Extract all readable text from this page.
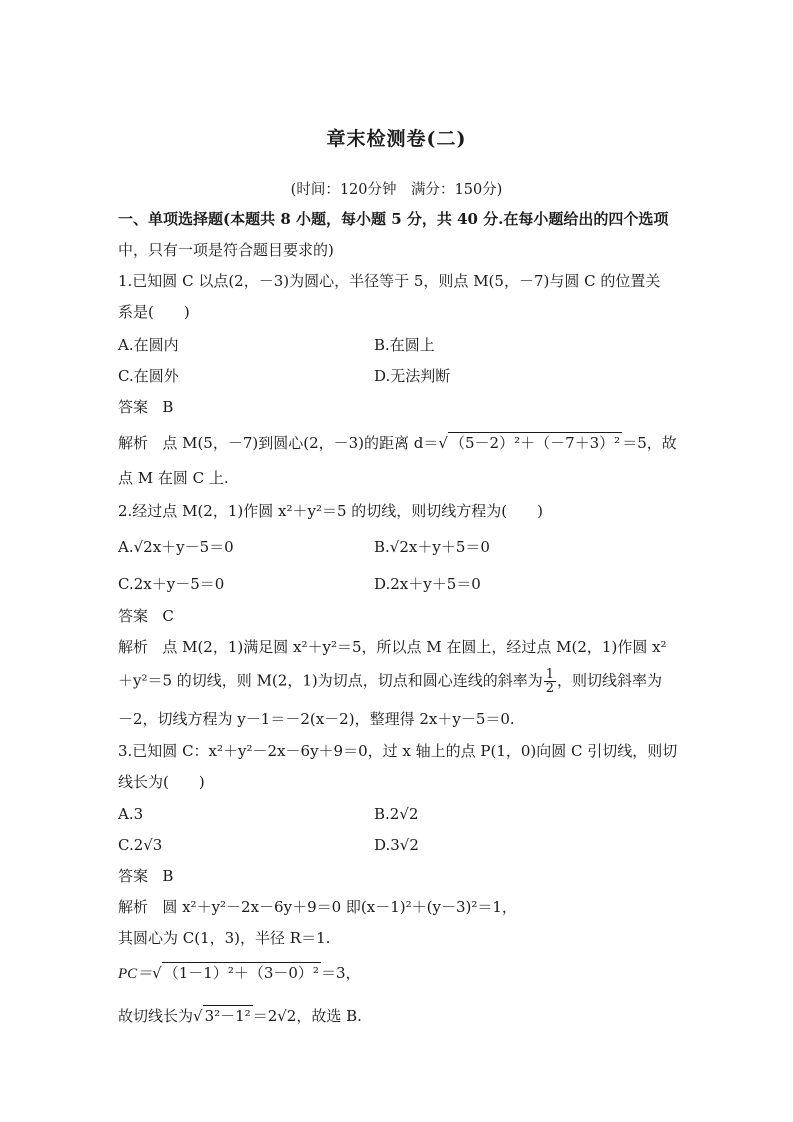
章末检测卷(二)
(时间：120分钟　满分：150分)
一、单项选择题(本题共 8 小题，每小题 5 分，共 40 分.在每小题给出的四个选项
中，只有一项是符合题目要求的)
1.已知圆 C 以点(2，－3)为圆心，半径等于 5，则点 M(5，－7)与圆 C 的位置关
系是(　　)
A.在圆内	B.在圆上
C.在圆外	D.无法判断
答案 B
解析 点 M(5，－7)到圆心(2，－3)的距离 d＝√ （5－2）²＋（－7＋3）² ＝5，故
点 M 在圆 C 上.
2.经过点 M(2，1)作圆 x²＋y²＝5 的切线，则切线方程为(　　)
A.√2x＋y－5＝0	B.√2x＋y＋5＝0
C.2x＋y－5＝0	D.2x＋y＋5＝0
答案 C
解析 点 M(2，1)满足圆 x²＋y²＝5，所以点 M 在圆上，经过点 M(2，1)作圆 x²
＋y²＝5 的切线，则 M(2，1)为切点，切点和圆心连线的斜率为 $\frac{1}{2}$ ，则切线斜率为
－2，切线方程为 y－1＝－2(x－2)，整理得 2x＋y－5＝0.
3.已知圆 C：x²＋y²－2x－6y＋9＝0，过 x 轴上的点 P(1，0)向圆 C 引切线，则切
线长为(　　)
A.3	B.2√2
C.2√3	D.3√2
答案 B
解析 圆 x²＋y²－2x－6y＋9＝0 即(x－1)²＋(y－3)²＝1，
其圆心为 C(1，3)，半径 R＝1.
PC＝√ （1－1）²＋（3－0）² ＝3，
故切线长为√ 3²－1² ＝2√2，故选 B.
